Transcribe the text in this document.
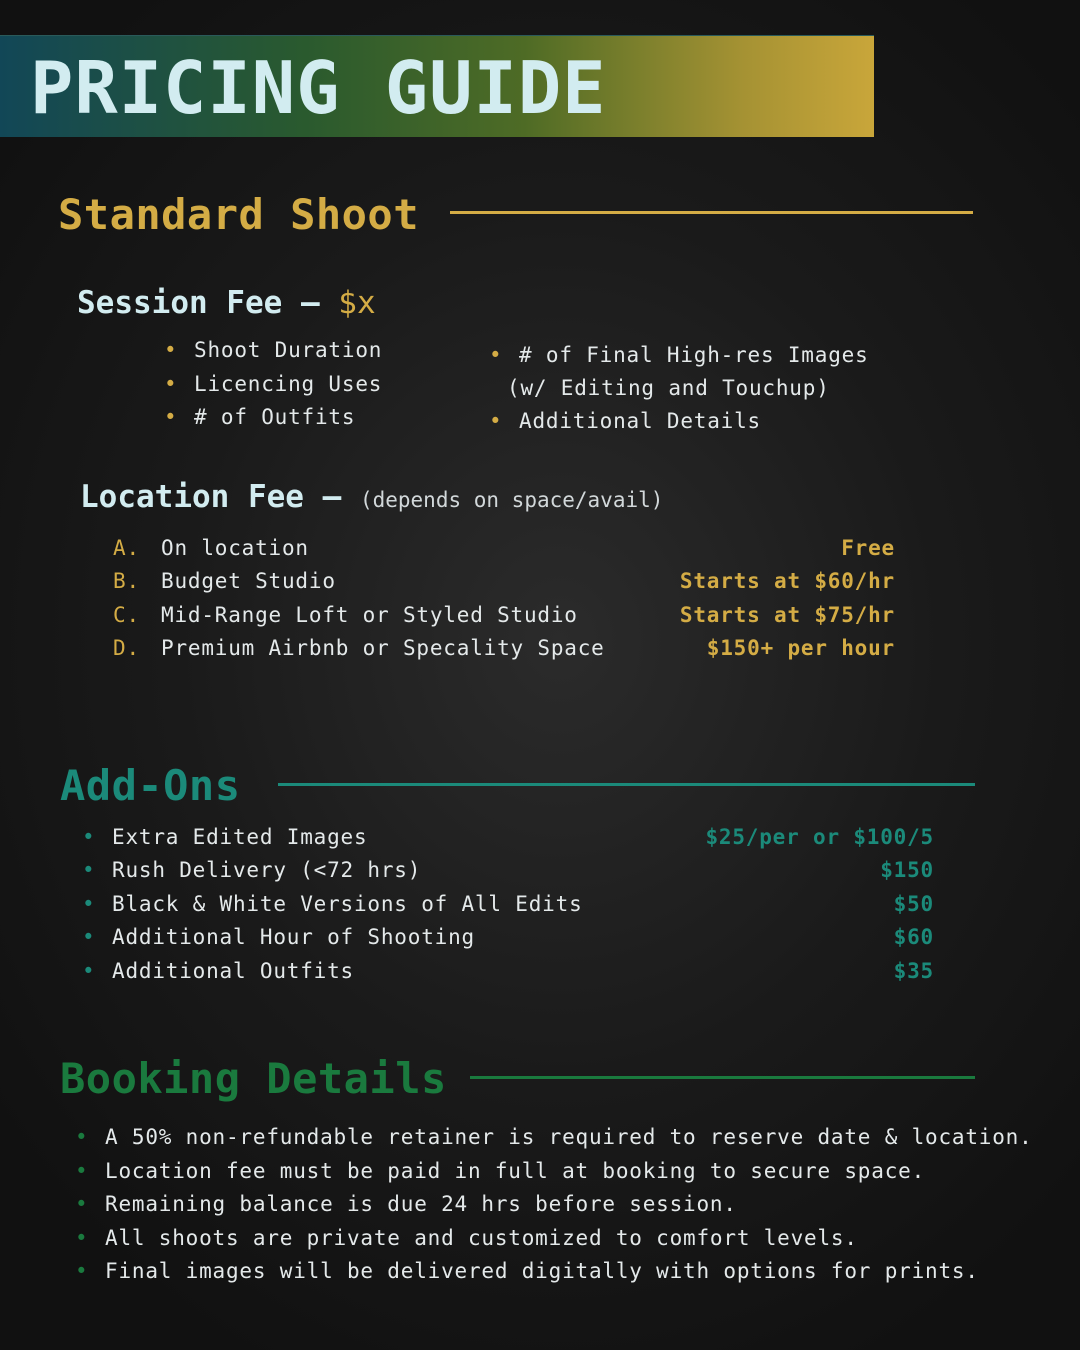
PRICING GUIDE
Standard Shoot
Session Fee – $x
• Shoot Duration
• Licencing Uses
• # of Outfits
• # of Final High-res Images
(w/ Editing and Touchup)
• Additional Details
Location Fee – (depends on space/avail)
A. On location	Free
B. Budget Studio	Starts at $60/hr
C. Mid-Range Loft or Styled Studio	Starts at $75/hr
D. Premium Airbnb or Specality Space	$150+ per hour
Add-Ons
• Extra Edited Images	$25/per or $100/5
• Rush Delivery (<72 hrs)	$150
• Black & White Versions of All Edits	$50
• Additional Hour of Shooting	$60
• Additional Outfits	$35
Booking Details
• A 50% non-refundable retainer is required to reserve date & location.
• Location fee must be paid in full at booking to secure space.
• Remaining balance is due 24 hrs before session.
• All shoots are private and customized to comfort levels.
• Final images will be delivered digitally with options for prints.
